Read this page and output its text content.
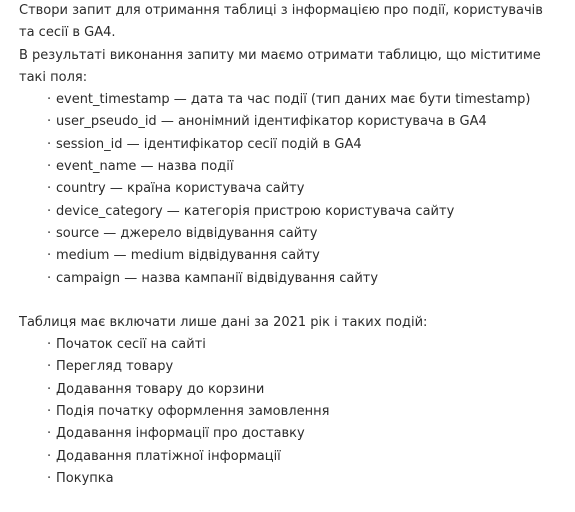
Створи запит для отримання таблиці з інформацією про події, користувачів та сесії в GA4.

В результаті виконання запиту ми маємо отримати таблицю, що міститиме такі поля:

· event_timestamp — дата та час події (тип даних має бути timestamp)
· user_pseudo_id — анонімний ідентифікатор користувача в GA4
· session_id — ідентифікатор сесії подій в GA4
· event_name — назва події
· country — країна користувача сайту
· device_category — категорія пристрою користувача сайту
· source — джерело відвідування сайту
· medium — medium відвідування сайту
· campaign — назва кампанії відвідування сайту

Таблиця має включати лише дані за 2021 рік і таких подій:

· Початок сесії на сайті
· Перегляд товару
· Додавання товару до корзини
· Подія початку оформлення замовлення
· Додавання інформації про доставку
· Додавання платіжної інформації
· Покупка
